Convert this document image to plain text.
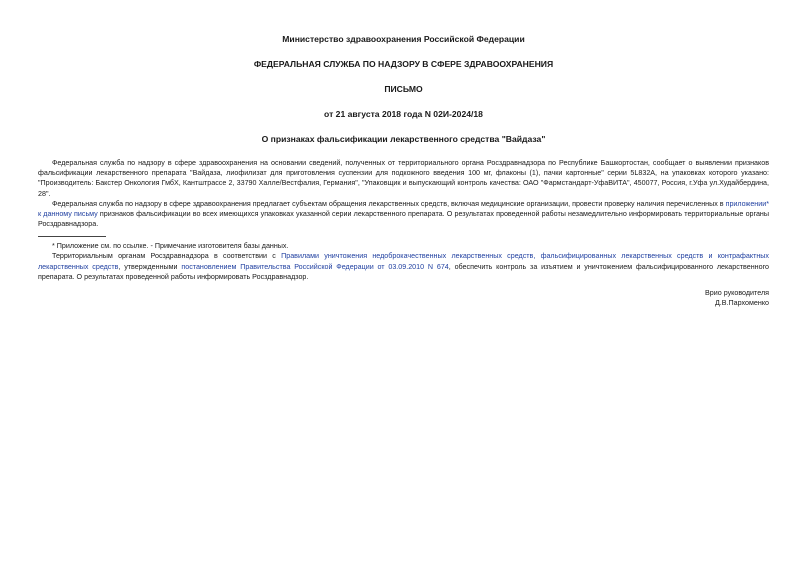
Министерство здравоохранения Российской Федерации

ФЕДЕРАЛЬНАЯ СЛУЖБА ПО НАДЗОРУ В СФЕРЕ ЗДРАВООХРАНЕНИЯ

ПИСЬМО

от 21 августа 2018 года N 02И-2024/18

О признаках фальсификации лекарственного средства "Вайдаза"

Федеральная служба по надзору в сфере здравоохранения на основании сведений, полученных от территориального органа Росздравнадзора по Республике Башкортостан, сообщает о выявлении признаков фальсификации лекарственного препарата "Вайдаза, лиофилизат для приготовления суспензии для подкожного введения 100 мг, флаконы (1), пачки картонные" серии 5L832A, на упаковках которого указано: "Производитель: Бакстер Онкология ГмбХ, Кантштрассе 2, 33790 Халле/Вестфалия, Германия", "Упаковщик и выпускающий контроль качества: ОАО "Фармстандарт-УфаВИТА", 450077, Россия, г.Уфа ул.Худайбердина, 28".

Федеральная служба по надзору в сфере здравоохранения предлагает субъектам обращения лекарственных средств, включая медицинские организации, провести проверку наличия перечисленных в приложении* к данному письму признаков фальсификации во всех имеющихся упаковках указанной серии лекарственного препарата. О результатах проведенной работы незамедлительно информировать территориальные органы Росздравнадзора.

* Приложение см. по ссылке. - Примечание изготовителя базы данных.

Территориальным органам Росздравнадзора в соответствии с Правилами уничтожения недоброкачественных лекарственных средств, фальсифицированных лекарственных средств и контрафактных лекарственных средств, утвержденными постановлением Правительства Российской Федерации от 03.09.2010 N 674, обеспечить контроль за изъятием и уничтожением фальсифицированного лекарственного препарата. О результатах проведенной работы информировать Росздравнадзор.

Врио руководителя

Д.В.Пархоменко
